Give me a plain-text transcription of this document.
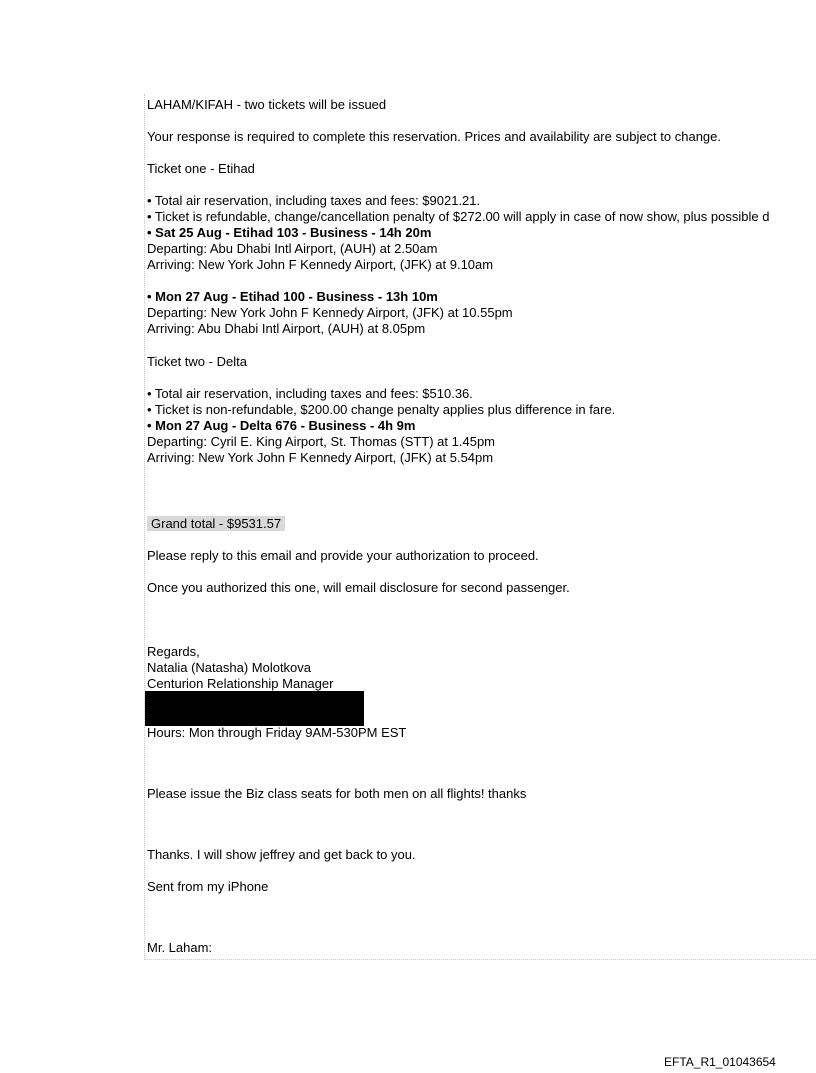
LAHAM/KIFAH - two tickets will be issued
Your response is required to complete this reservation. Prices and availability are subject to change.
Ticket one - Etihad
• Total air reservation, including taxes and fees: $9021.21.
• Ticket is refundable, change/cancellation penalty of $272.00 will apply in case of now show, plus possible d
• Sat 25 Aug - Etihad 103 - Business - 14h 20m
Departing: Abu Dhabi Intl Airport, (AUH) at 2.50am
Arriving: New York John F Kennedy Airport, (JFK) at 9.10am
• Mon 27 Aug - Etihad 100 - Business - 13h 10m
Departing: New York John F Kennedy Airport, (JFK) at 10.55pm
Arriving: Abu Dhabi Intl Airport, (AUH) at 8.05pm
Ticket two - Delta
• Total air reservation, including taxes and fees: $510.36.
• Ticket is non-refundable, $200.00 change penalty applies plus difference in fare.
• Mon 27 Aug - Delta 676 - Business - 4h 9m
Departing: Cyril E. King Airport, St. Thomas (STT) at 1.45pm
Arriving: New York John F Kennedy Airport, (JFK) at 5.54pm
Grand total - $9531.57
Please reply to this email and provide your authorization to proceed.
Once you authorized this one, will email disclosure for second passenger.
Regards,
Natalia (Natasha) Molotkova
Centurion Relationship Manager
Hours: Mon through Friday 9AM-530PM EST
Please issue the Biz class seats for both men on all flights! thanks
Thanks. I will show jeffrey and get back to you.
Sent from my iPhone
Mr. Laham:
EFTA_R1_01043654
